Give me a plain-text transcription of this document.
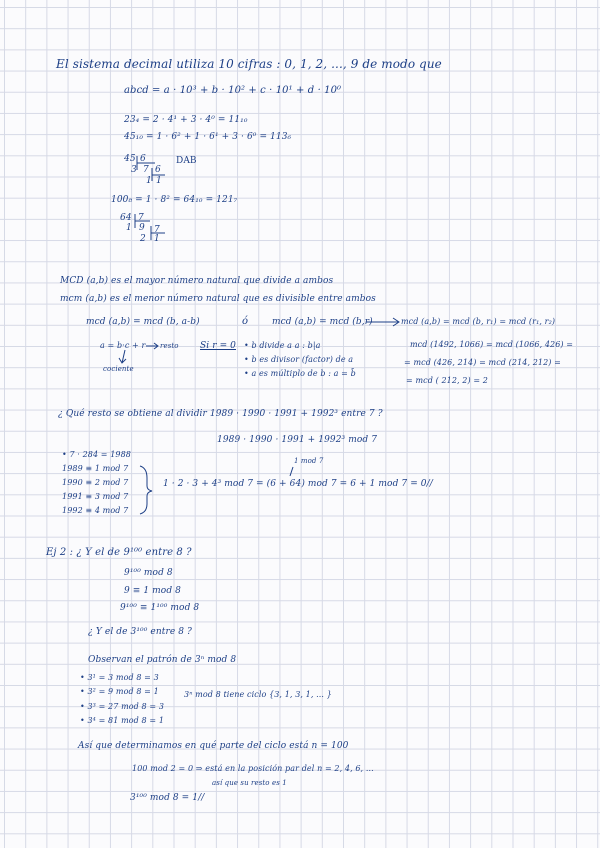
El sistema decimal utiliza 10 cifras : 0, 1, 2, ..., 9 de modo que
abcd = a · 10³ + b · 10² + c · 10¹ + d · 10⁰
23₄ = 2 · 4¹ + 3 · 4⁰ = 11₁₀
45₁₀ = 1 · 6² + 1 · 6¹ + 3 · 6⁰ = 113₆
45 6
3 7 6
1 1
DAB
100₈ = 1 · 8² = 64₁₀ = 121₇
64 7
1 9 7
2 1
MCD (a,b) es el mayor número natural que divide a ambos
mcm (a,b) es el menor número natural que es divisible entre ambos
mcd (a,b) = mcd (b, a-b)	ó	mcd (a,b) = mcd (b,r)	mcd (a,b) = mcd (b, r₁) = mcd (r₁, r₂)
a = b·c + r resto
cociente
Si r = 0 • b divide a a : b|a
• b es divisor (factor) de a
• a es múltiplo de b : a = b̄
mcd (1492, 1066) = mcd (1066, 426) =
= mcd (426, 214) = mcd (214, 212) =
= mcd ( 212, 2) = 2
¿ Qué resto se obtiene al dividir 1989 · 1990 · 1991 + 1992³ entre 7 ?
1989 · 1990 · 1991 + 1992³ mod 7
• 7 · 284 = 1988
1989 ≡ 1 mod 7
1990 ≡ 2 mod 7
1991 ≡ 3 mod 7
1992 ≡ 4 mod 7
1 mod 7
1 · 2 · 3 + 4³ mod 7 = (6 + 64) mod 7 = 6 + 1 mod 7 = 0//
Ej 2 : ¿ Y el de 9¹⁰⁰ entre 8 ?
9¹⁰⁰ mod 8
9 ≡ 1 mod 8
9¹⁰⁰ ≡ 1¹⁰⁰ mod 8
¿ Y el de 3¹⁰⁰ entre 8 ?
Observan el patrón de 3ⁿ mod 8
• 3¹ = 3 mod 8 = 3
• 3² = 9 mod 8 = 1
• 3³ = 27 mod 8 = 3
• 3⁴ = 81 mod 8 = 1
3ⁿ mod 8 tiene ciclo {3, 1, 3, 1, ... }
Así que determinamos en qué parte del ciclo está n = 100
100 mod 2 = 0 ⇒ está en la posición par del n = 2, 4, 6, ...
así que su resto es 1
3¹⁰⁰ mod 8 = 1//
